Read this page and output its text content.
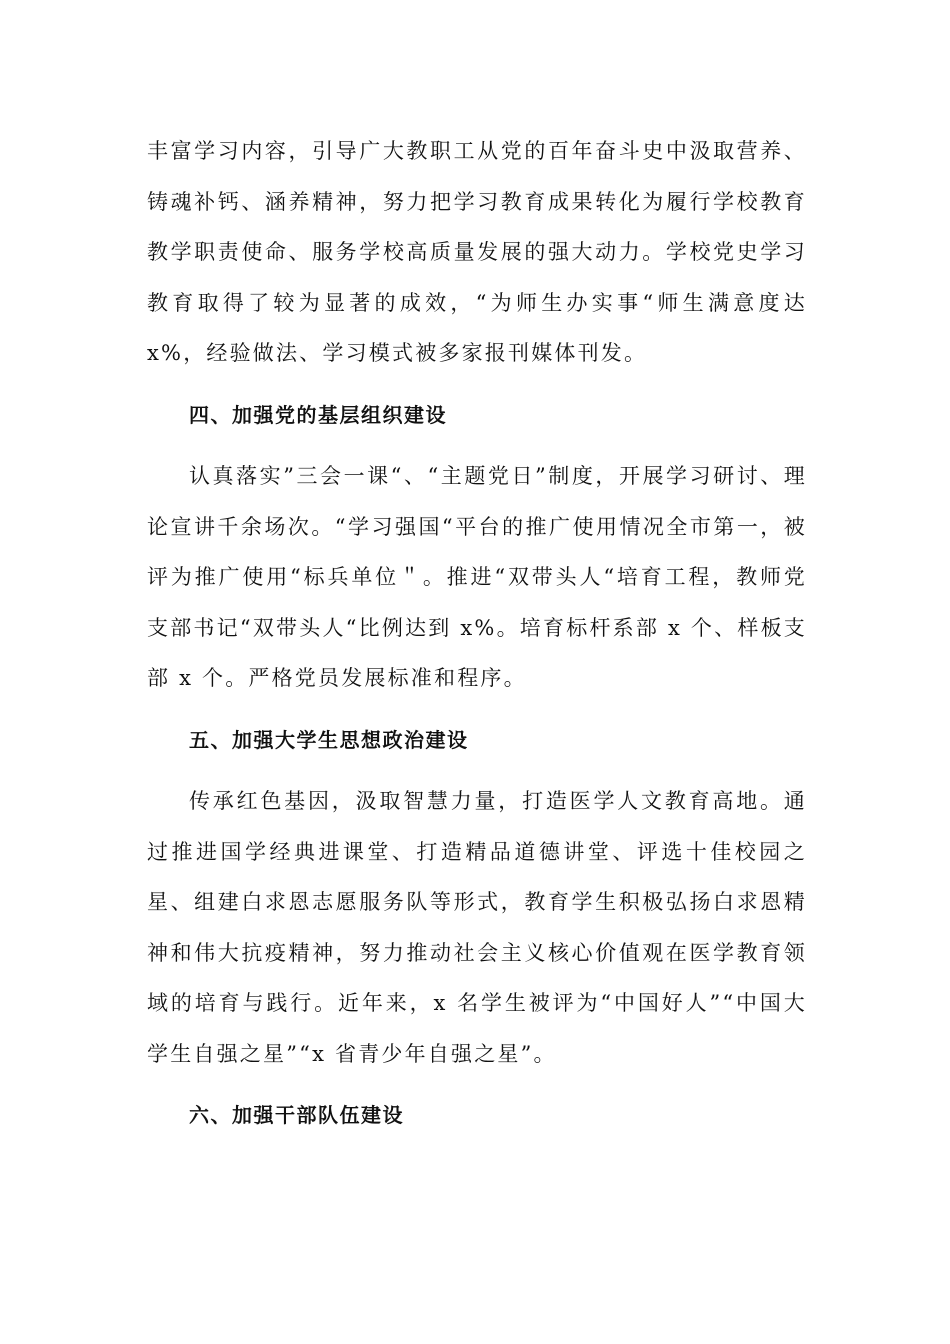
丰富学习内容，引导广大教职工从党的百年奋斗史中汲取营养、铸魂补钙、涵养精神，努力把学习教育成果转化为履行学校教育教学职责使命、服务学校高质量发展的强大动力。学校党史学习教育取得了较为显著的成效，“为师生办实事“师生满意度达 x%，经验做法、学习模式被多家报刊媒体刊发。

四、加强党的基层组织建设

认真落实”三会一课“、“主题党日”制度，开展学习研讨、理论宣讲千余场次。“学习强国“平台的推广使用情况全市第一，被评为推广使用“标兵单位＂。推进“双带头人“培育工程，教师党支部书记“双带头人“比例达到 x%。培育标杆系部 x 个、样板支部 x 个。严格党员发展标准和程序。

五、加强大学生思想政治建设

传承红色基因，汲取智慧力量，打造医学人文教育高地。通过推进国学经典进课堂、打造精品道德讲堂、评选十佳校园之星、组建白求恩志愿服务队等形式，教育学生积极弘扬白求恩精神和伟大抗疫精神，努力推动社会主义核心价值观在医学教育领域的培育与践行。近年来，x 名学生被评为“中国好人”“中国大学生自强之星”“x 省青少年自强之星”。

六、加强干部队伍建设
